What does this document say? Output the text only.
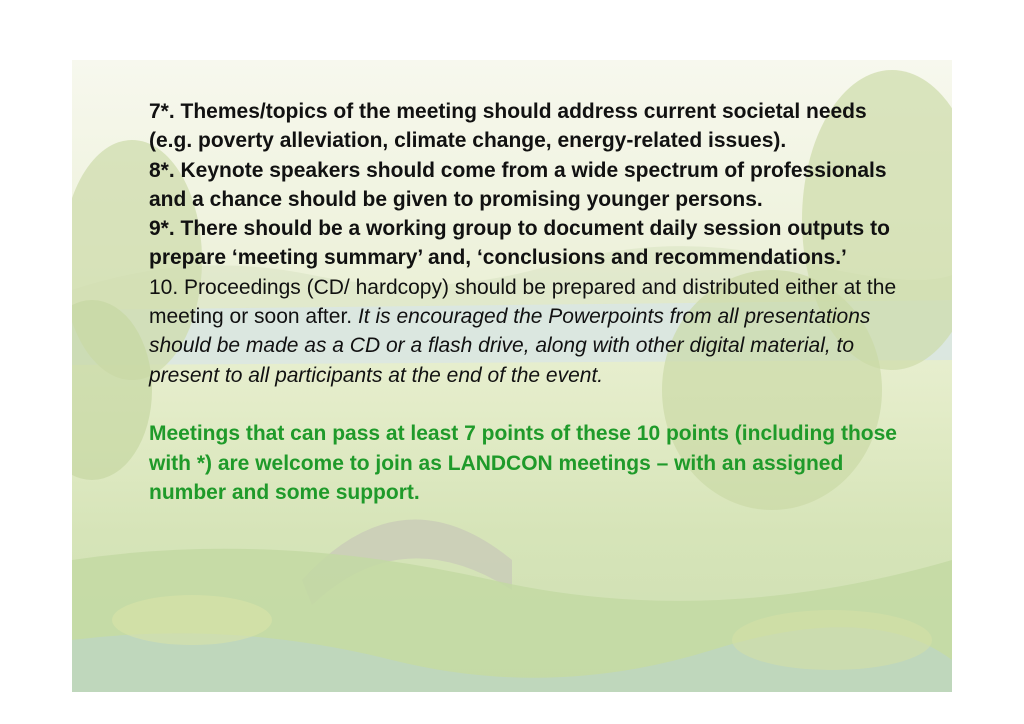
7*. Themes/topics of the meeting should address current societal needs (e.g. poverty alleviation, climate change, energy-related issues).

8*. Keynote speakers should come from a wide spectrum of professionals and a chance should be given to promising younger persons.

9*. There should be a working group to document daily session outputs to prepare ‘meeting summary’ and, ‘conclusions and recommendations.’

10. Proceedings (CD/ hardcopy) should be prepared and distributed either at the meeting or soon after. It is encouraged the Powerpoints from all presentations should be made as a CD or a flash drive, along with other digital material, to present to all participants at the end of the event.

Meetings that can pass at least 7 points of these 10 points (including those with *) are welcome to join as LANDCON meetings – with an assigned number and some support.
